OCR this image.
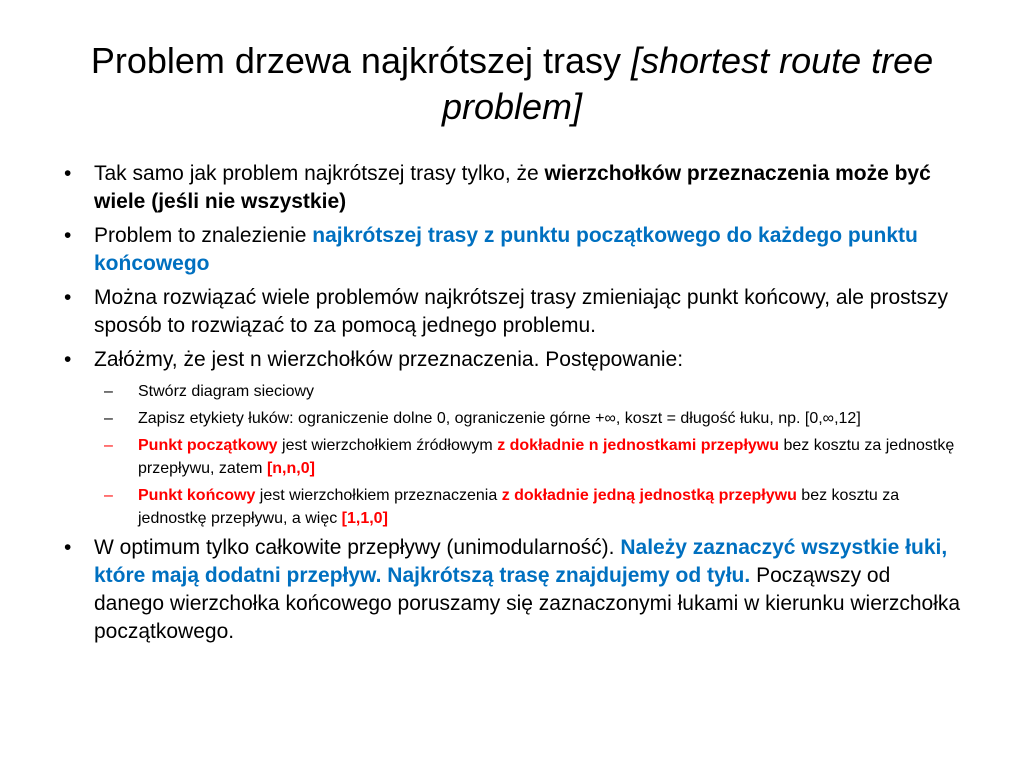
Problem drzewa najkrótszej trasy [shortest route tree problem]
• Tak samo jak problem najkrótszej trasy tylko, że wierzchołków przeznaczenia może być wiele (jeśli nie wszystkie)
• Problem to znalezienie najkrótszej trasy z punktu początkowego do każdego punktu końcowego
• Można rozwiązać wiele problemów najkrótszej trasy zmieniając punkt końcowy, ale prostszy sposób to rozwiązać to za pomocą jednego problemu.
• Załóżmy, że jest n wierzchołków przeznaczenia. Postępowanie:
– Stwórz diagram sieciowy
– Zapisz etykiety łuków: ograniczenie dolne 0, ograniczenie górne +∞, koszt = długość łuku, np. [0,∞,12]
– Punkt początkowy jest wierzchołkiem źródłowym z dokładnie n jednostkami przepływu bez kosztu za jednostkę przepływu, zatem [n,n,0]
– Punkt końcowy jest wierzchołkiem przeznaczenia z dokładnie jedną jednostką przepływu bez kosztu za jednostkę przepływu, a więc [1,1,0]
• W optimum tylko całkowite przepływy (unimodularność). Należy zaznaczyć wszystkie łuki, które mają dodatni przepływ. Najkrótszą trasę znajdujemy od tyłu. Począwszy od danego wierzchołka końcowego poruszamy się zaznaczonymi łukami w kierunku wierzchołka początkowego.
